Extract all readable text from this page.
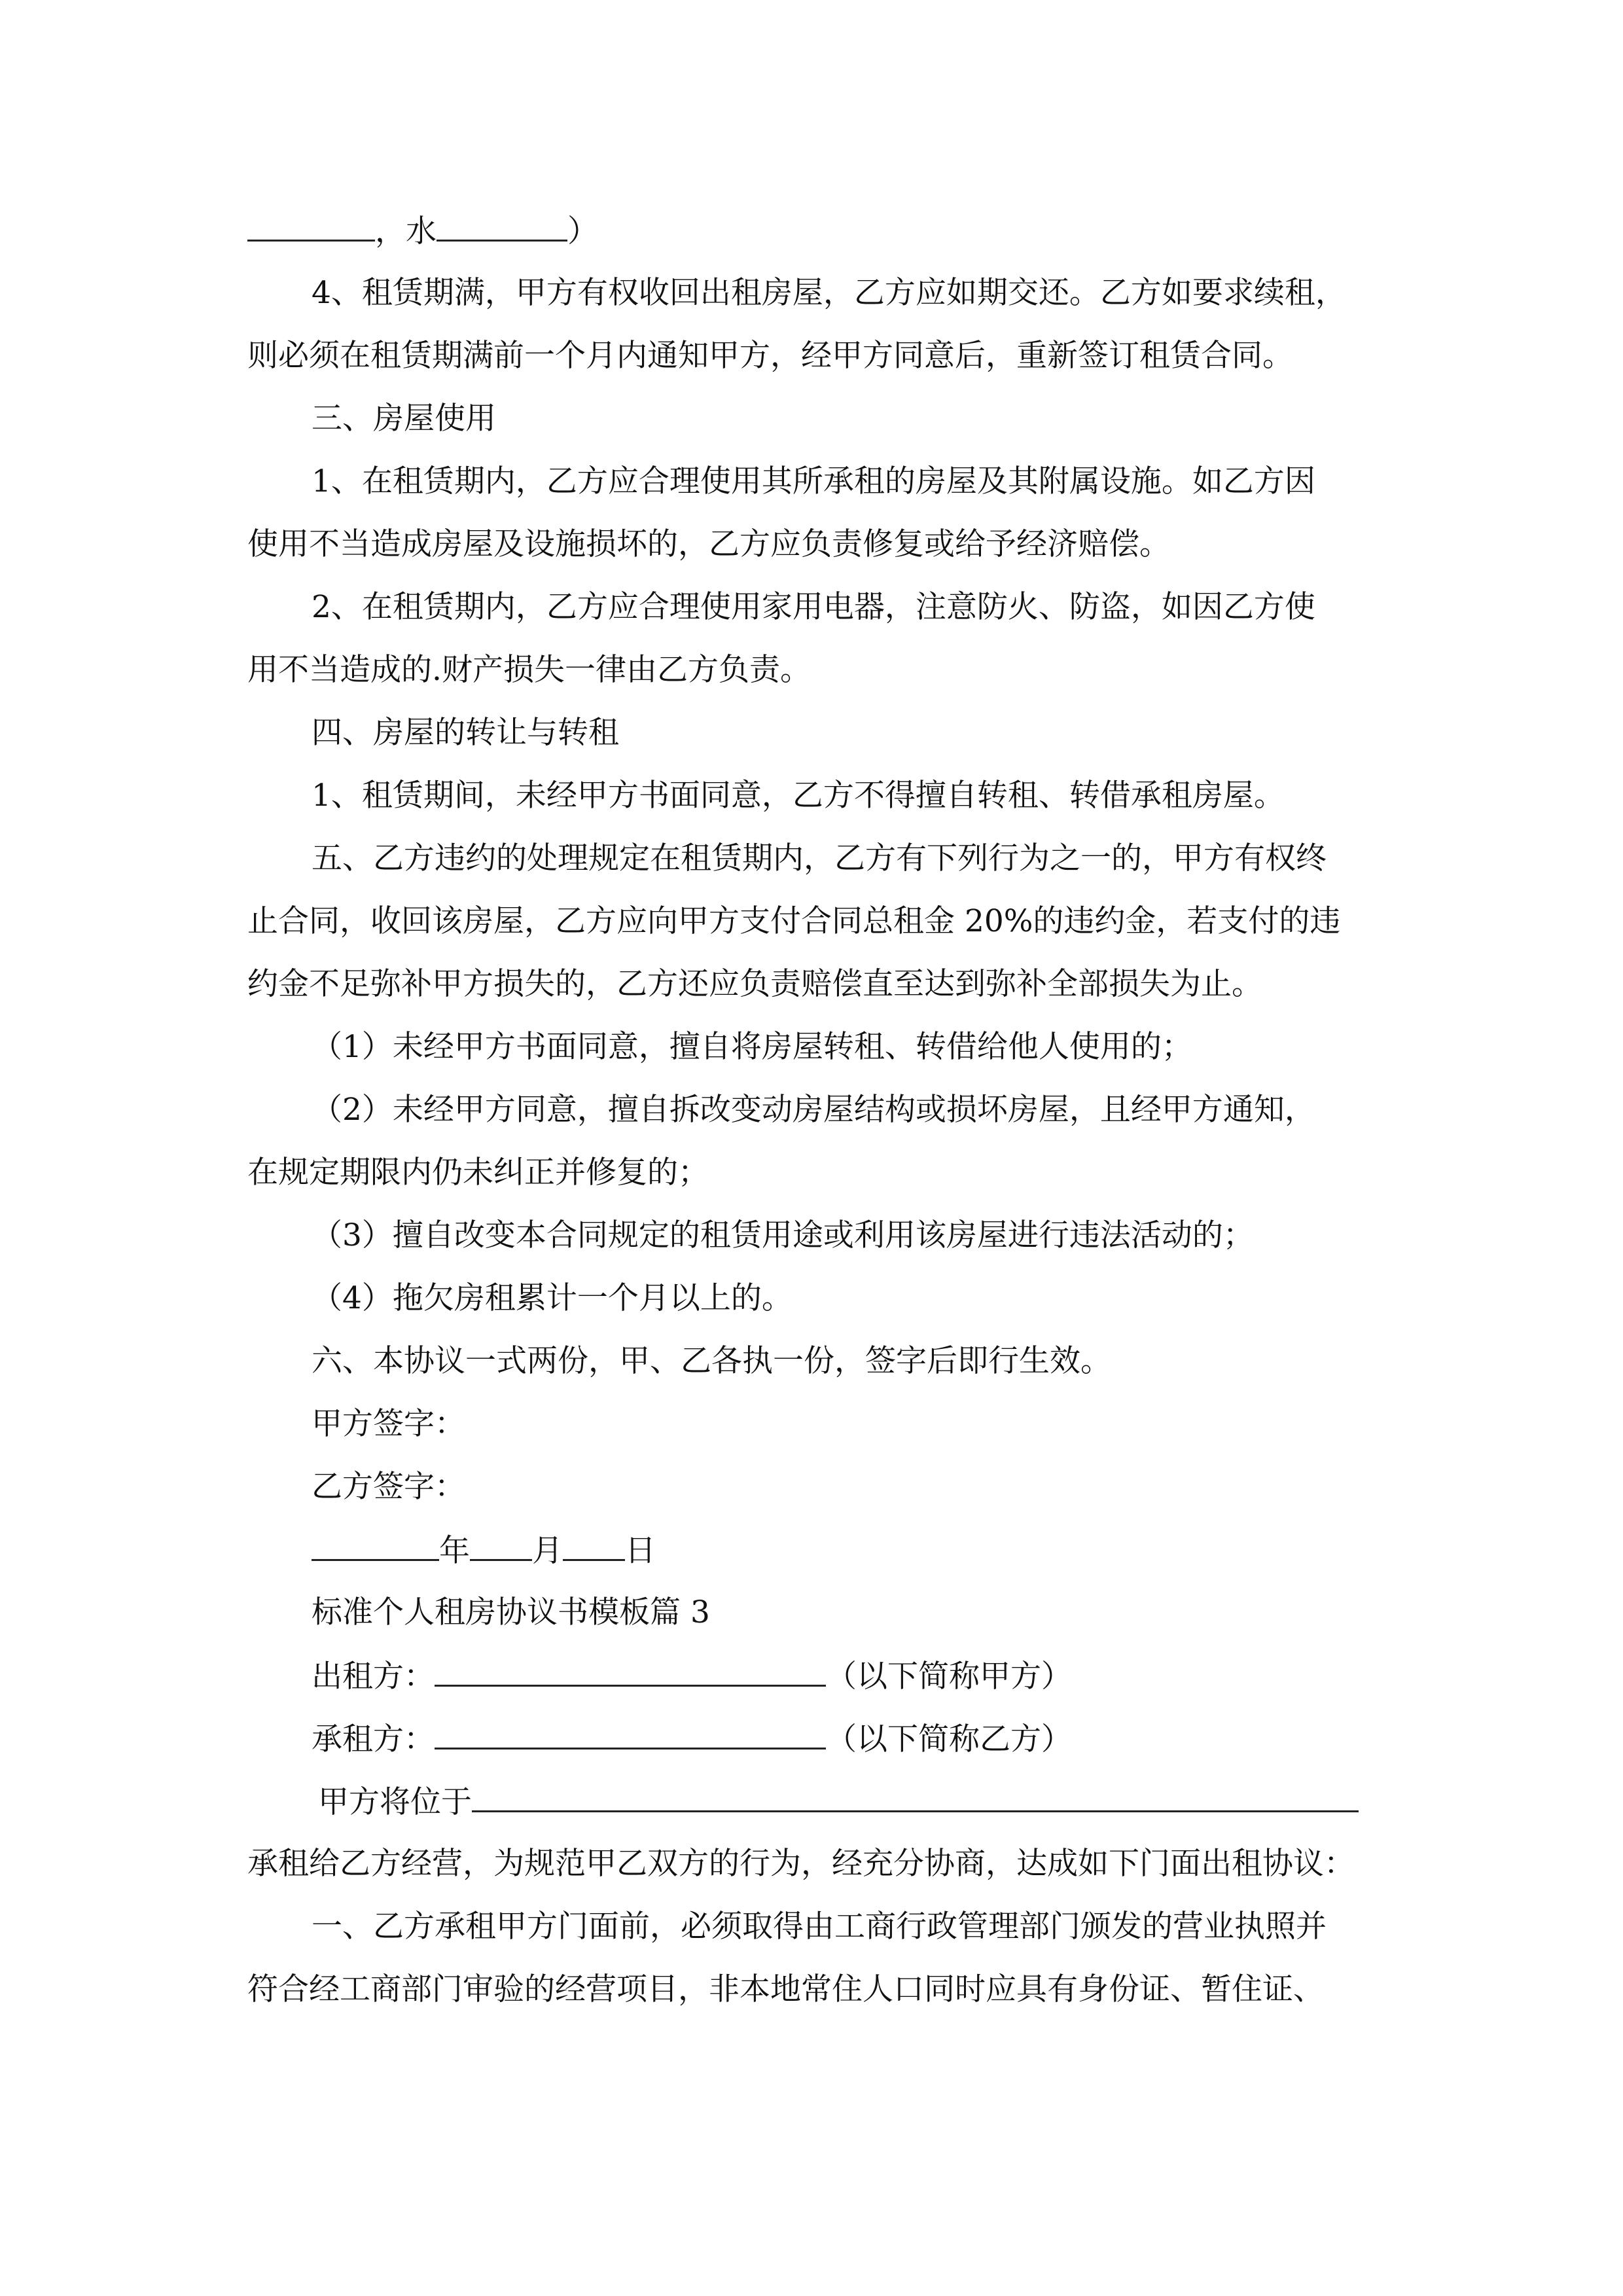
，水	）
4、租赁期满，甲方有权收回出租房屋，乙方应如期交还。乙方如要求续租，
则必须在租赁期满前一个月内通知甲方，经甲方同意后，重新签订租赁合同。
三、房屋使用
1、在租赁期内，乙方应合理使用其所承租的房屋及其附属设施。如乙方因
使用不当造成房屋及设施损坏的，乙方应负责修复或给予经济赔偿。
2、在租赁期内，乙方应合理使用家用电器，注意防火、防盗，如因乙方使
用不当造成的.财产损失一律由乙方负责。
四、房屋的转让与转租
1、租赁期间，未经甲方书面同意，乙方不得擅自转租、转借承租房屋。
五、乙方违约的处理规定在租赁期内，乙方有下列行为之一的，甲方有权终
止合同，收回该房屋，乙方应向甲方支付合同总租金 20%的违约金，若支付的违
约金不足弥补甲方损失的，乙方还应负责赔偿直至达到弥补全部损失为止。
（1）未经甲方书面同意，擅自将房屋转租、转借给他人使用的；
（2）未经甲方同意，擅自拆改变动房屋结构或损坏房屋，且经甲方通知，
在规定期限内仍未纠正并修复的；
（3）擅自改变本合同规定的租赁用途或利用该房屋进行违法活动的；
（4）拖欠房租累计一个月以上的。
六、本协议一式两份，甲、乙各执一份，签字后即行生效。
甲方签字：
乙方签字：
年 月 日
标准个人租房协议书模板篇 3
出租方：	（以下简称甲方）
承租方：	（以下简称乙方）
甲方将位于
承租给乙方经营，为规范甲乙双方的行为，经充分协商，达成如下门面出租协议：
一、乙方承租甲方门面前，必须取得由工商行政管理部门颁发的营业执照并
符合经工商部门审验的经营项目，非本地常住人口同时应具有身份证、暂住证、
